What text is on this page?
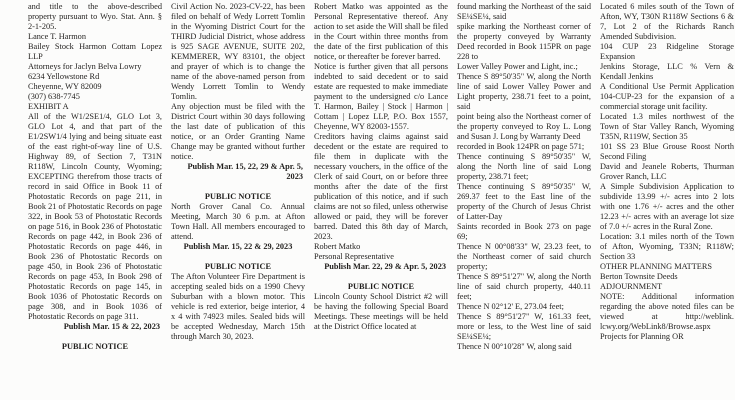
and title to the above-described property pursuant to Wyo. Stat. Ann. § 2-1-205.

Lance T. Harmon

Bailey Stock Harmon Cottam Lopez LLP

Attorneys for Jaclyn Belva Lowry

6234 Yellowstone Rd

Cheyenne, WY 82009

(307) 638-7745

EXHIBIT A

All of the W1/2SE1/4, GLO Lot 3, GLO Lot 4, and that part of the E1/2SW1/4 lying and being situate east of the east right-of-way line of U.S. Highway 89, of Section 7, T31N R118W, Lincoln County, Wyoming; EXCEPTING therefrom those tracts of record in said Office in Book 11 of Photostatic Records on page 211, in Book 21 of Photostatic Records on page 322, in Book 53 of Photostatic Records on page 516, in Book 236 of Photostatic Records on page 442, in Book 236 of Photostatic Records on page 446, in Book 236 of Photostatic Records on page 450, in Book 236 of Photostatic Records on page 453, In Book 298 of Photostatic Records on page 145, in Book 1036 of Photostatic Records on page 308, and in Book 1036 of Photostatic Records on page 311.

Publish Mar. 15 & 22, 2023

PUBLIC NOTICE

Civil Action No. 2023-CV-22, has been filed on behalf of Wedy Lorrett Tomlin in the Wyoming District Court for the THIRD Judicial District, whose address is 925 SAGE AVENUE, SUITE 202, KEMMERER, WY 83101, the object and prayer of which is to change the name of the above-named person from Wendy Lorrett Tomlin to Wendy Tomlin.

Any objection must be filed with the District Court within 30 days following the last date of publication of this notice, or an Order Granting Name Change may be granted without further notice.

Publish Mar. 15, 22, 29 & Apr. 5, 2023

PUBLIC NOTICE

North Grover Canal Co. Annual Meeting, March 30 6 p.m. at Afton Town Hall. All members encouraged to attend.

Publish Mar. 15, 22 & 29, 2023

PUBLIC NOTICE

The Afton Volunteer Fire Department is accepting sealed bids on a 1990 Chevy Suburban with a blown motor. This vehicle is red exterior, beige interior, 4 x 4 with 74923 miles. Sealed bids will be accepted Wednesday, March 15th through March 30, 2023.

Robert Matko was appointed as the Personal Representative thereof. Any action to set aside the Will shall be filed in the Court within three months from the date of the first publication of this notice, or thereafter be forever barred.

Notice is further given that all persons indebted to said decedent or to said estate are requested to make immediate payment to the undersigned c/o Lance T. Harmon, Bailey | Stock | Harmon | Cottam | Lopez LLP, P.O. Box 1557, Cheyenne, WY 82003-1557.

Creditors having claims against said decedent or the estate are required to file them in duplicate with the necessary vouchers, in the office of the Clerk of said Court, on or before three months after the date of the first publication of this notice, and if such claims are not so filed, unless otherwise allowed or paid, they will be forever barred. Dated this 8th day of March, 2023.

Robert Matko

Personal Representative

Publish Mar. 22, 29 & Apr. 5, 2023

PUBLIC NOTICE

Lincoln County School District #2 will be having the following Special Board Meetings. These meetings will be held at the District Office located at

found marking the Northeast of the said SE¼SE¼, said

spike marking the Northeast corner of the property conveyed by Warranty Deed recorded in Book 115PR on page 228 to

Lower Valley Power and Light, inc.;

Thence S 89°50'35" W, along the North line of said Lower Valley Power and Light property, 238.71 feet to a point, said

point being also the Northeast corner of the property conveyed to Roy L. Long and Susan J. Long by Warranty Deed

recorded in Book 124PR on page 571;

Thence continuing S 89°50'35" W, along the North line of said Long property, 238.71 feet;

Thence continuing S 89°50'35" W, 269.37 feet to the East line of the property of the Church of Jesus Christ of Latter-Day

Saints recorded in Book 273 on page 69;

Thence N 00°08'33" W, 23.23 feet, to the Northeast corner of said church property;

Thence S 89°51'27" W, along the North line of said church property, 440.11 feet;

Thence N 02°12' E, 273.04 feet;

Thence S 89°51'27" W, 161.33 feet, more or less, to the West line of said SE¼SE¼;

Thence N 00°10'28" W, along said

Located 6 miles south of the Town of Afton, WY, T30N R118W Sections 6 & 7, Lot 2 of the Richards Ranch Amended Subdivision.

104 CUP 23 Ridgeline Storage Expansion

Jenkins Storage, LLC % Vern & Kendall Jenkins

A Conditional Use Permit Application 104-CUP-23 for the expansion of a commercial storage unit facility.

Located 1.3 miles northwest of the Town of Star Valley Ranch, Wyoming T35N, R119W, Section 35

101 SS 23 Blue Grouse Roost North Second Filing

David and Jeanele Roberts, Thurman Grover Ranch, LLC

A Simple Subdivision Application to subdivide 13.99 +/- acres into 2 lots with one 1.76 +/- acres and the other 12.23 +/- acres with an average lot size of 7.0 +/- acres in the Rural Zone.

Location: 3.1 miles north of the Town of Afton, Wyoming, T33N; R118W; Section 33

OTHER PLANNING MATTERS

Berton Townsite Deeds

ADJOURNMENT

NOTE: Additional information regarding the above noted files can be viewed at http://weblink. lcwy.org/WebLink8/Browse.aspx Projects for Planning OR
